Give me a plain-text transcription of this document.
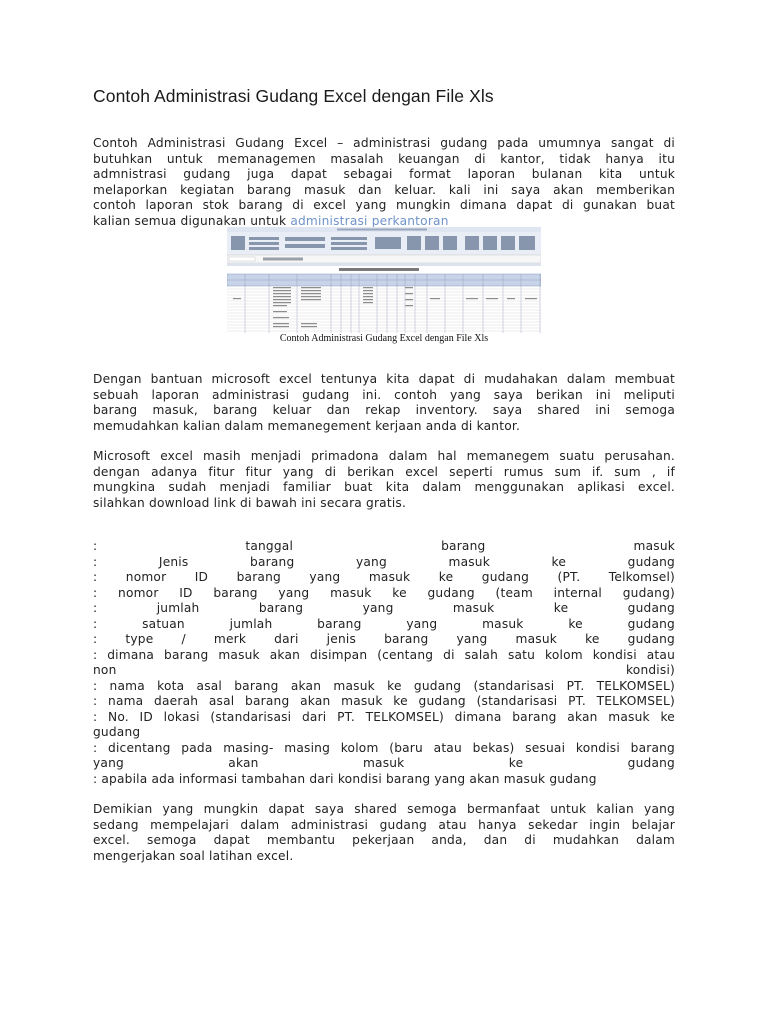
Contoh Administrasi Gudang Excel dengan File Xls
Contoh Administrasi Gudang Excel – administrasi gudang pada umumnya sangat di
butuhkan untuk memanagemen masalah keuangan di kantor, tidak hanya itu
admnistrasi gudang juga dapat sebagai format laporan bulanan kita untuk
melaporkan kegiatan barang masuk dan keluar. kali ini saya akan memberikan
contoh laporan stok barang di excel yang mungkin dimana dapat di gunakan buat
kalian semua digunakan untuk administrasi perkantoran
Contoh Administrasi Gudang Excel dengan File Xls
Dengan bantuan microsoft excel tentunya kita dapat di mudahakan dalam membuat
sebuah laporan administrasi gudang ini. contoh yang saya berikan ini meliputi
barang masuk, barang keluar dan rekap inventory. saya shared ini semoga
memudahkan kalian dalam memanegement kerjaan anda di kantor.
Microsoft excel masih menjadi primadona dalam hal memanegem suatu perusahan.
dengan adanya fitur fitur yang di berikan excel seperti rumus sum if. sum , if
mungkina sudah menjadi familiar buat kita dalam menggunakan aplikasi excel.
silahkan download link di bawah ini secara gratis.
: tanggal barang masuk
: Jenis barang yang masuk ke gudang
: nomor ID barang yang masuk ke gudang (PT. Telkomsel)
: nomor ID barang yang masuk ke gudang (team internal gudang)
: jumlah barang yang masuk ke gudang
: satuan jumlah barang yang masuk ke gudang
: type / merk dari jenis barang yang masuk ke gudang
: dimana barang masuk akan disimpan (centang di salah satu kolom kondisi atau
non kondisi)
: nama kota asal barang akan masuk ke gudang (standarisasi PT. TELKOMSEL)
: nama daerah asal barang akan masuk ke gudang (standarisasi PT. TELKOMSEL)
: No. ID lokasi (standarisasi dari PT. TELKOMSEL) dimana barang akan masuk ke
gudang
: dicentang pada masing- masing kolom (baru atau bekas) sesuai kondisi barang
yang akan masuk ke gudang
: apabila ada informasi tambahan dari kondisi barang yang akan masuk gudang
Demikian yang mungkin dapat saya shared semoga bermanfaat untuk kalian yang
sedang mempelajari dalam administrasi gudang atau hanya sekedar ingin belajar
excel. semoga dapat membantu pekerjaan anda, dan di mudahkan dalam
mengerjakan soal latihan excel.
